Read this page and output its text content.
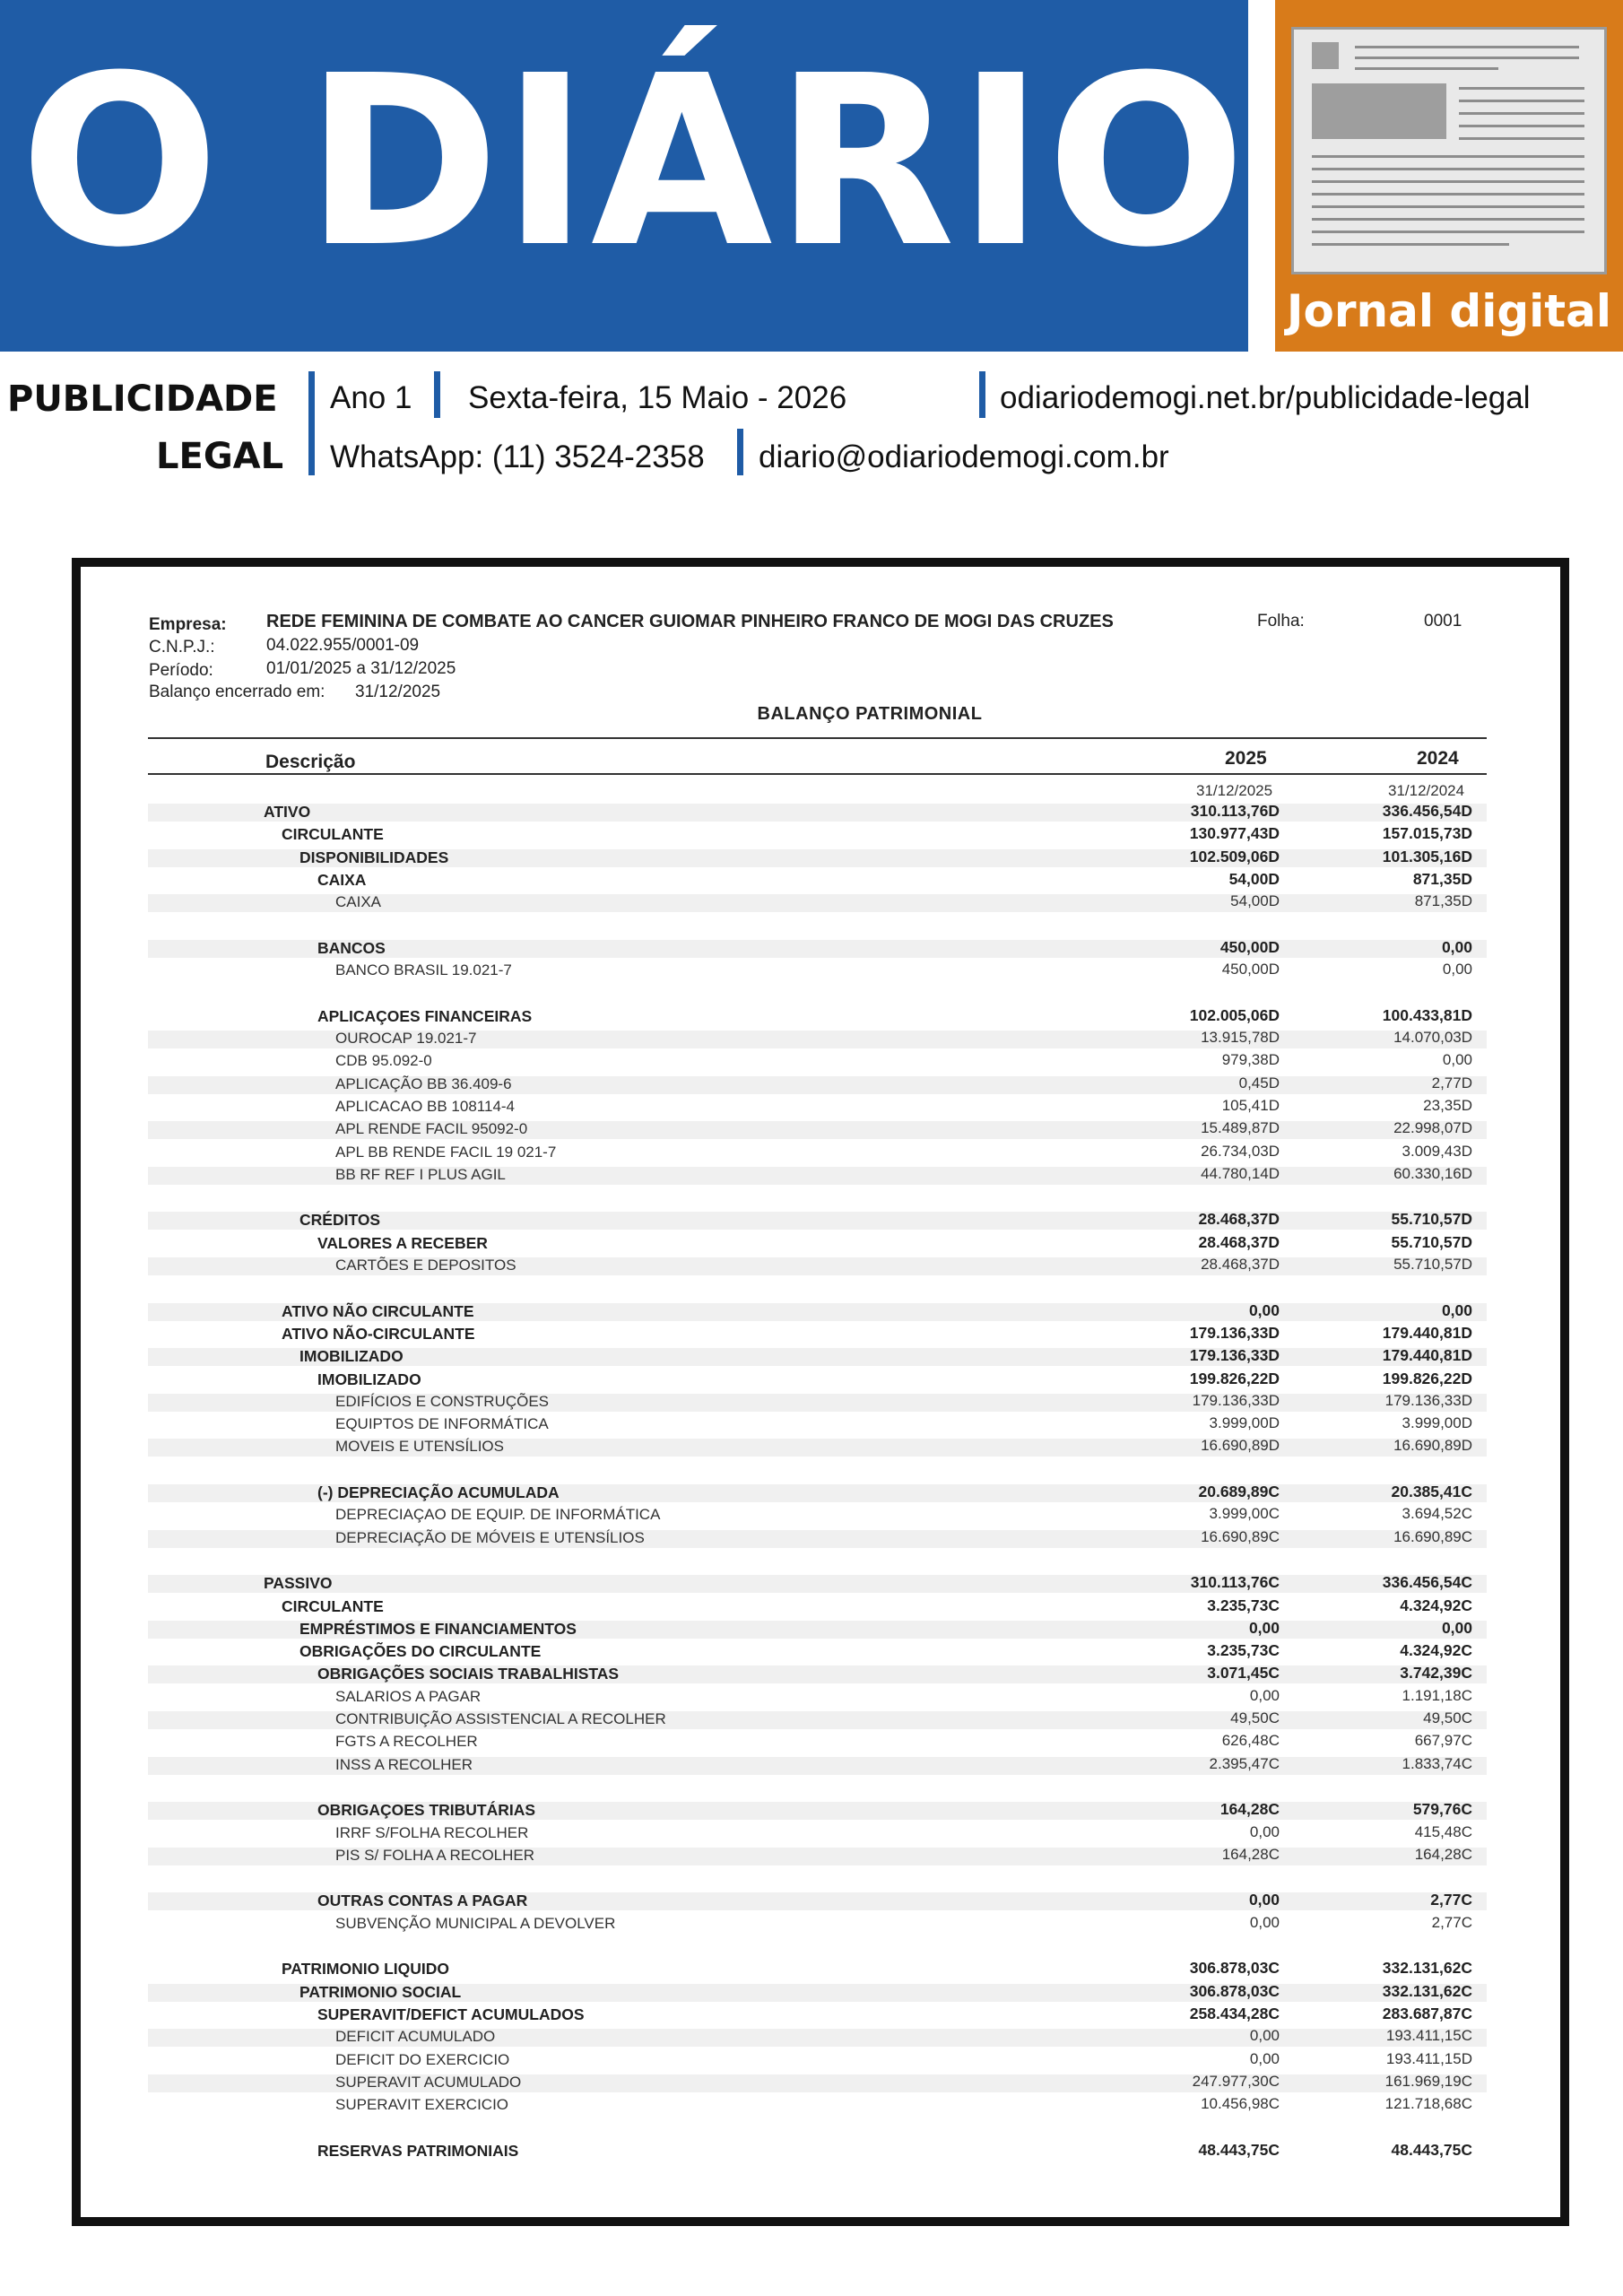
O DIÁRIO
Jornal digital
PUBLICIDADE
LEGAL
Ano 1 Sexta-feira, 15 Maio - 2026	odiariodemogi.net.br/publicidade-legal
WhatsApp: (11) 3524-2358 diario@odiariodemogi.com.br
Empresa: REDE FEMININA DE COMBATE AO CANCER GUIOMAR PINHEIRO FRANCO DE MOGI DAS CRUZES	Folha:	0001
C.N.P.J.:	04.022.955/0001-09
Período:	01/01/2025 a 31/12/2025
Balanço encerrado em: 31/12/2025
BALANÇO PATRIMONIAL
Descrição	2025	2024
31/12/2025	31/12/2024
ATIVO	310.113,76D	336.456,54D
CIRCULANTE	130.977,43D	157.015,73D
DISPONIBILIDADES	102.509,06D	101.305,16D
CAIXA	54,00D	871,35D
CAIXA	54,00D	871,35D
BANCOS	450,00D	0,00
BANCO BRASIL 19.021-7	450,00D	0,00
APLICAÇOES FINANCEIRAS	102.005,06D	100.433,81D
OUROCAP 19.021-7	13.915,78D	14.070,03D
CDB 95.092-0	979,38D	0,00
APLICAÇÃO BB 36.409-6	0,45D	2,77D
APLICACAO BB 108114-4	105,41D	23,35D
APL RENDE FACIL 95092-0	15.489,87D	22.998,07D
APL BB RENDE FACIL 19 021-7	26.734,03D	3.009,43D
BB RF REF I PLUS AGIL	44.780,14D	60.330,16D
CRÉDITOS	28.468,37D	55.710,57D
VALORES A RECEBER	28.468,37D	55.710,57D
CARTÕES E DEPOSITOS	28.468,37D	55.710,57D
ATIVO NÃO CIRCULANTE	0,00	0,00
ATIVO NÃO-CIRCULANTE	179.136,33D	179.440,81D
IMOBILIZADO	179.136,33D	179.440,81D
IMOBILIZADO	199.826,22D	199.826,22D
EDIFÍCIOS E CONSTRUÇÕES	179.136,33D	179.136,33D
EQUIPTOS DE INFORMÁTICA	3.999,00D	3.999,00D
MOVEIS E UTENSÍLIOS	16.690,89D	16.690,89D
(-) DEPRECIAÇÃO ACUMULADA	20.689,89C	20.385,41C
DEPRECIAÇAO DE EQUIP. DE INFORMÁTICA	3.999,00C	3.694,52C
DEPRECIAÇÃO DE MÓVEIS E UTENSÍLIOS	16.690,89C	16.690,89C
PASSIVO	310.113,76C	336.456,54C
CIRCULANTE	3.235,73C	4.324,92C
EMPRÉSTIMOS E FINANCIAMENTOS	0,00	0,00
OBRIGAÇÕES DO CIRCULANTE	3.235,73C	4.324,92C
OBRIGAÇÕES SOCIAIS TRABALHISTAS	3.071,45C	3.742,39C
SALARIOS A PAGAR	0,00	1.191,18C
CONTRIBUIÇÃO ASSISTENCIAL A RECOLHER	49,50C	49,50C
FGTS A RECOLHER	626,48C	667,97C
INSS A RECOLHER	2.395,47C	1.833,74C
OBRIGAÇOES TRIBUTÁRIAS	164,28C	579,76C
IRRF S/FOLHA RECOLHER	0,00	415,48C
PIS S/ FOLHA A RECOLHER	164,28C	164,28C
OUTRAS CONTAS A PAGAR	0,00	2,77C
SUBVENÇÃO MUNICIPAL A DEVOLVER	0,00	2,77C
PATRIMONIO LIQUIDO	306.878,03C	332.131,62C
PATRIMONIO SOCIAL	306.878,03C	332.131,62C
SUPERAVIT/DEFICT ACUMULADOS	258.434,28C	283.687,87C
DEFICIT ACUMULADO	0,00	193.411,15C
DEFICIT DO EXERCICIO	0,00	193.411,15D
SUPERAVIT ACUMULADO	247.977,30C	161.969,19C
SUPERAVIT EXERCICIO	10.456,98C	121.718,68C
RESERVAS PATRIMONIAIS	48.443,75C	48.443,75C
